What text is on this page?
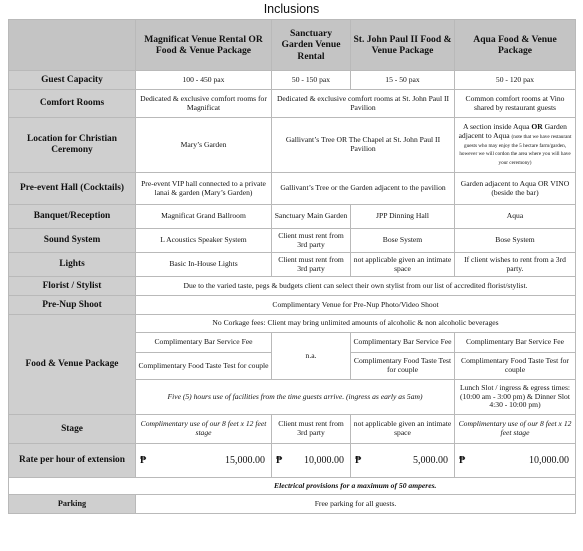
Inclusions
	Magnificat Venue Rental OR Food & Venue Package	Sanctuary Garden Venue Rental	St. John Paul II Food & Venue Package	Aqua Food & Venue Package
Guest Capacity	100 - 450 pax	50 - 150 pax	15 - 50 pax	50 - 120 pax
Comfort Rooms	Dedicated & exclusive comfort rooms for Magnificat	Dedicated & exclusive comfort rooms at St. John Paul II Pavilion		Common comfort rooms at Vino shared by restaurant guests
Location for Christian Ceremony	Mary’s Garden	Gallivant’s Tree OR The Chapel at St. John Paul II Pavilion		A section inside Aqua OR Garden adjacent to Aqua (note that we have restaurant guests who may enjoy the 5 hectare farm/garden, however we will cordon the area where you will have your ceremony)
Pre-event Hall (Cocktails)	Pre-event VIP hall connected to a private lanai & garden (Mary’s Garden)	Gallivant’s Tree or the Garden adjacent to the pavilion		Garden adjacent to Aqua OR VINO (beside the bar)
Banquet/Reception	Magnificat Grand Ballroom	Sanctuary Main Garden	JPP Dinning Hall	Aqua
Sound System	L Acoustics Speaker System	Client must rent from 3rd party	Bose System	Bose System
Lights	Basic In-House Lights	Client must rent from 3rd party	not applicable given an intimate space	If client wishes to rent from a 3rd party.
Florist / Stylist	Due to the varied taste, pegs & budgets client can select their own stylist from our list of accredited florist/stylist.			
Pre-Nup Shoot	Complimentary Venue for Pre-Nup Photo/Video Shoot			
Food & Venue Package	No Corkage fees: Client may bring unlimited amounts of alcoholic & non alcoholic beverages			
	Complimentary Bar Service Fee	n.a.	Complimentary Bar Service Fee	Complimentary Bar Service Fee
	Complimentary Food Taste Test for couple		Complimentary Food Taste Test for couple	Complimentary Food Taste Test for couple
	Five (5) hours use of facilities from the time guests arrive. (ingress as early as 5am)			Lunch Slot / ingress & egress times: (10:00 am - 3:00 pm) & Dinner Slot 4:30 - 10:00 pm)
Stage	Complimentary use of our 8 feet x 12 feet stage	Client must rent from 3rd party	not applicable given an intimate space	Complimentary use of our 8 feet x 12 feet stage
Rate per hour of extension	₱ 15,000.00	₱ 10,000.00	₱ 5,000.00	₱ 10,000.00

	Electrical provisions for a maximum of 50 amperes.			
Parking	Free parking for all guests.			
